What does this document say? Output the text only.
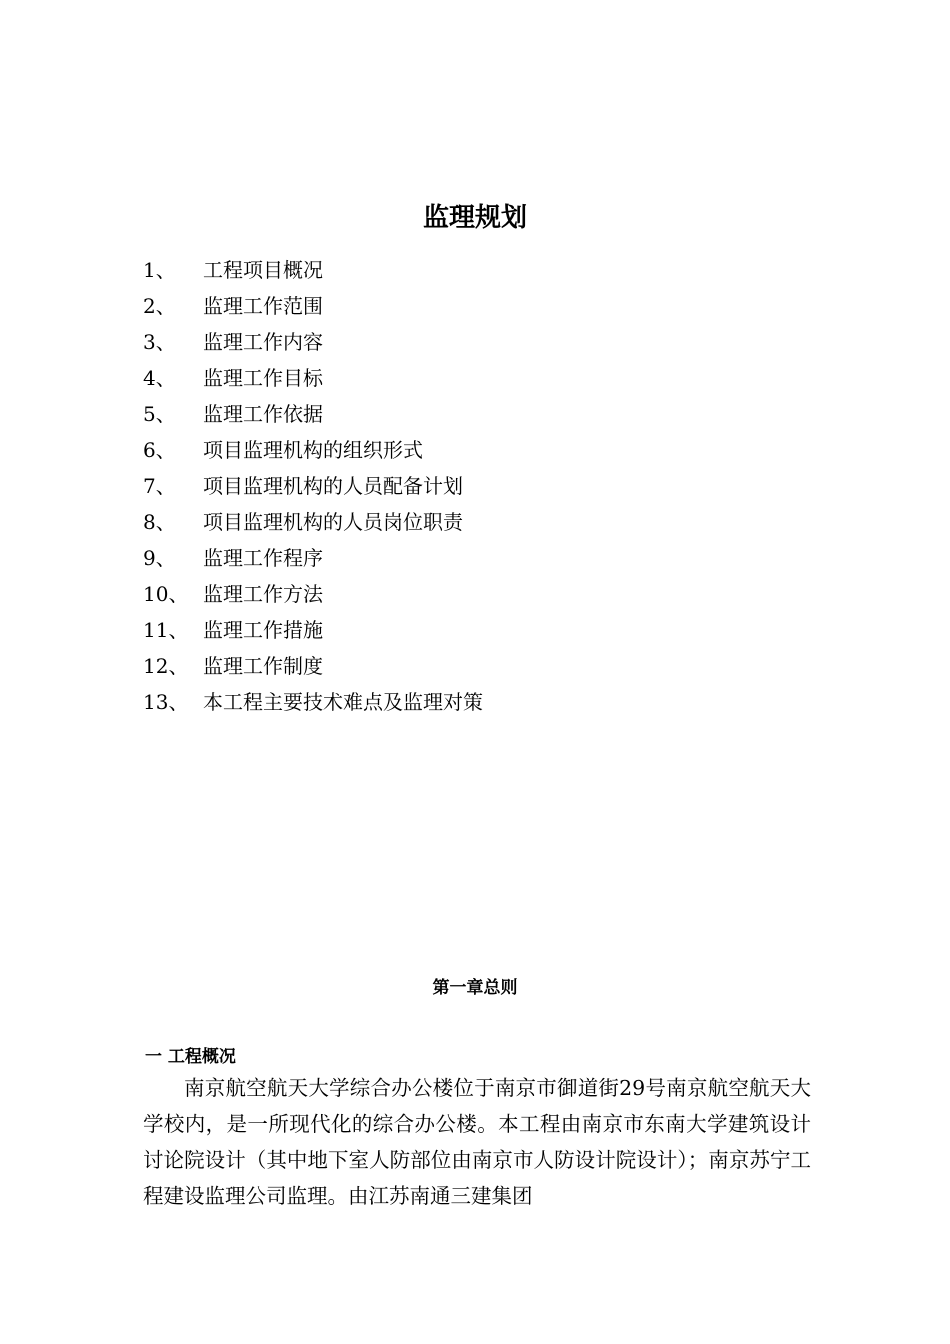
监理规划
1、 工程项目概况
2、 监理工作范围
3、 监理工作内容
4、 监理工作目标
5、 监理工作依据
6、 项目监理机构的组织形式
7、 项目监理机构的人员配备计划
8、 项目监理机构的人员岗位职责
9、 监理工作程序
10、 监理工作方法
11、 监理工作措施
12、 监理工作制度
13、 本工程主要技术难点及监理对策
第一章总则
一 工程概况

南京航空航天大学综合办公楼位于南京市御道街29号南京航空航天大学校内，是一所现代化的综合办公楼。本工程由南京市东南大学建筑设计讨论院设计（其中地下室人防部位由南京市人防设计院设计）；南京苏宁工程建设监理公司监理。由江苏南通三建集团
